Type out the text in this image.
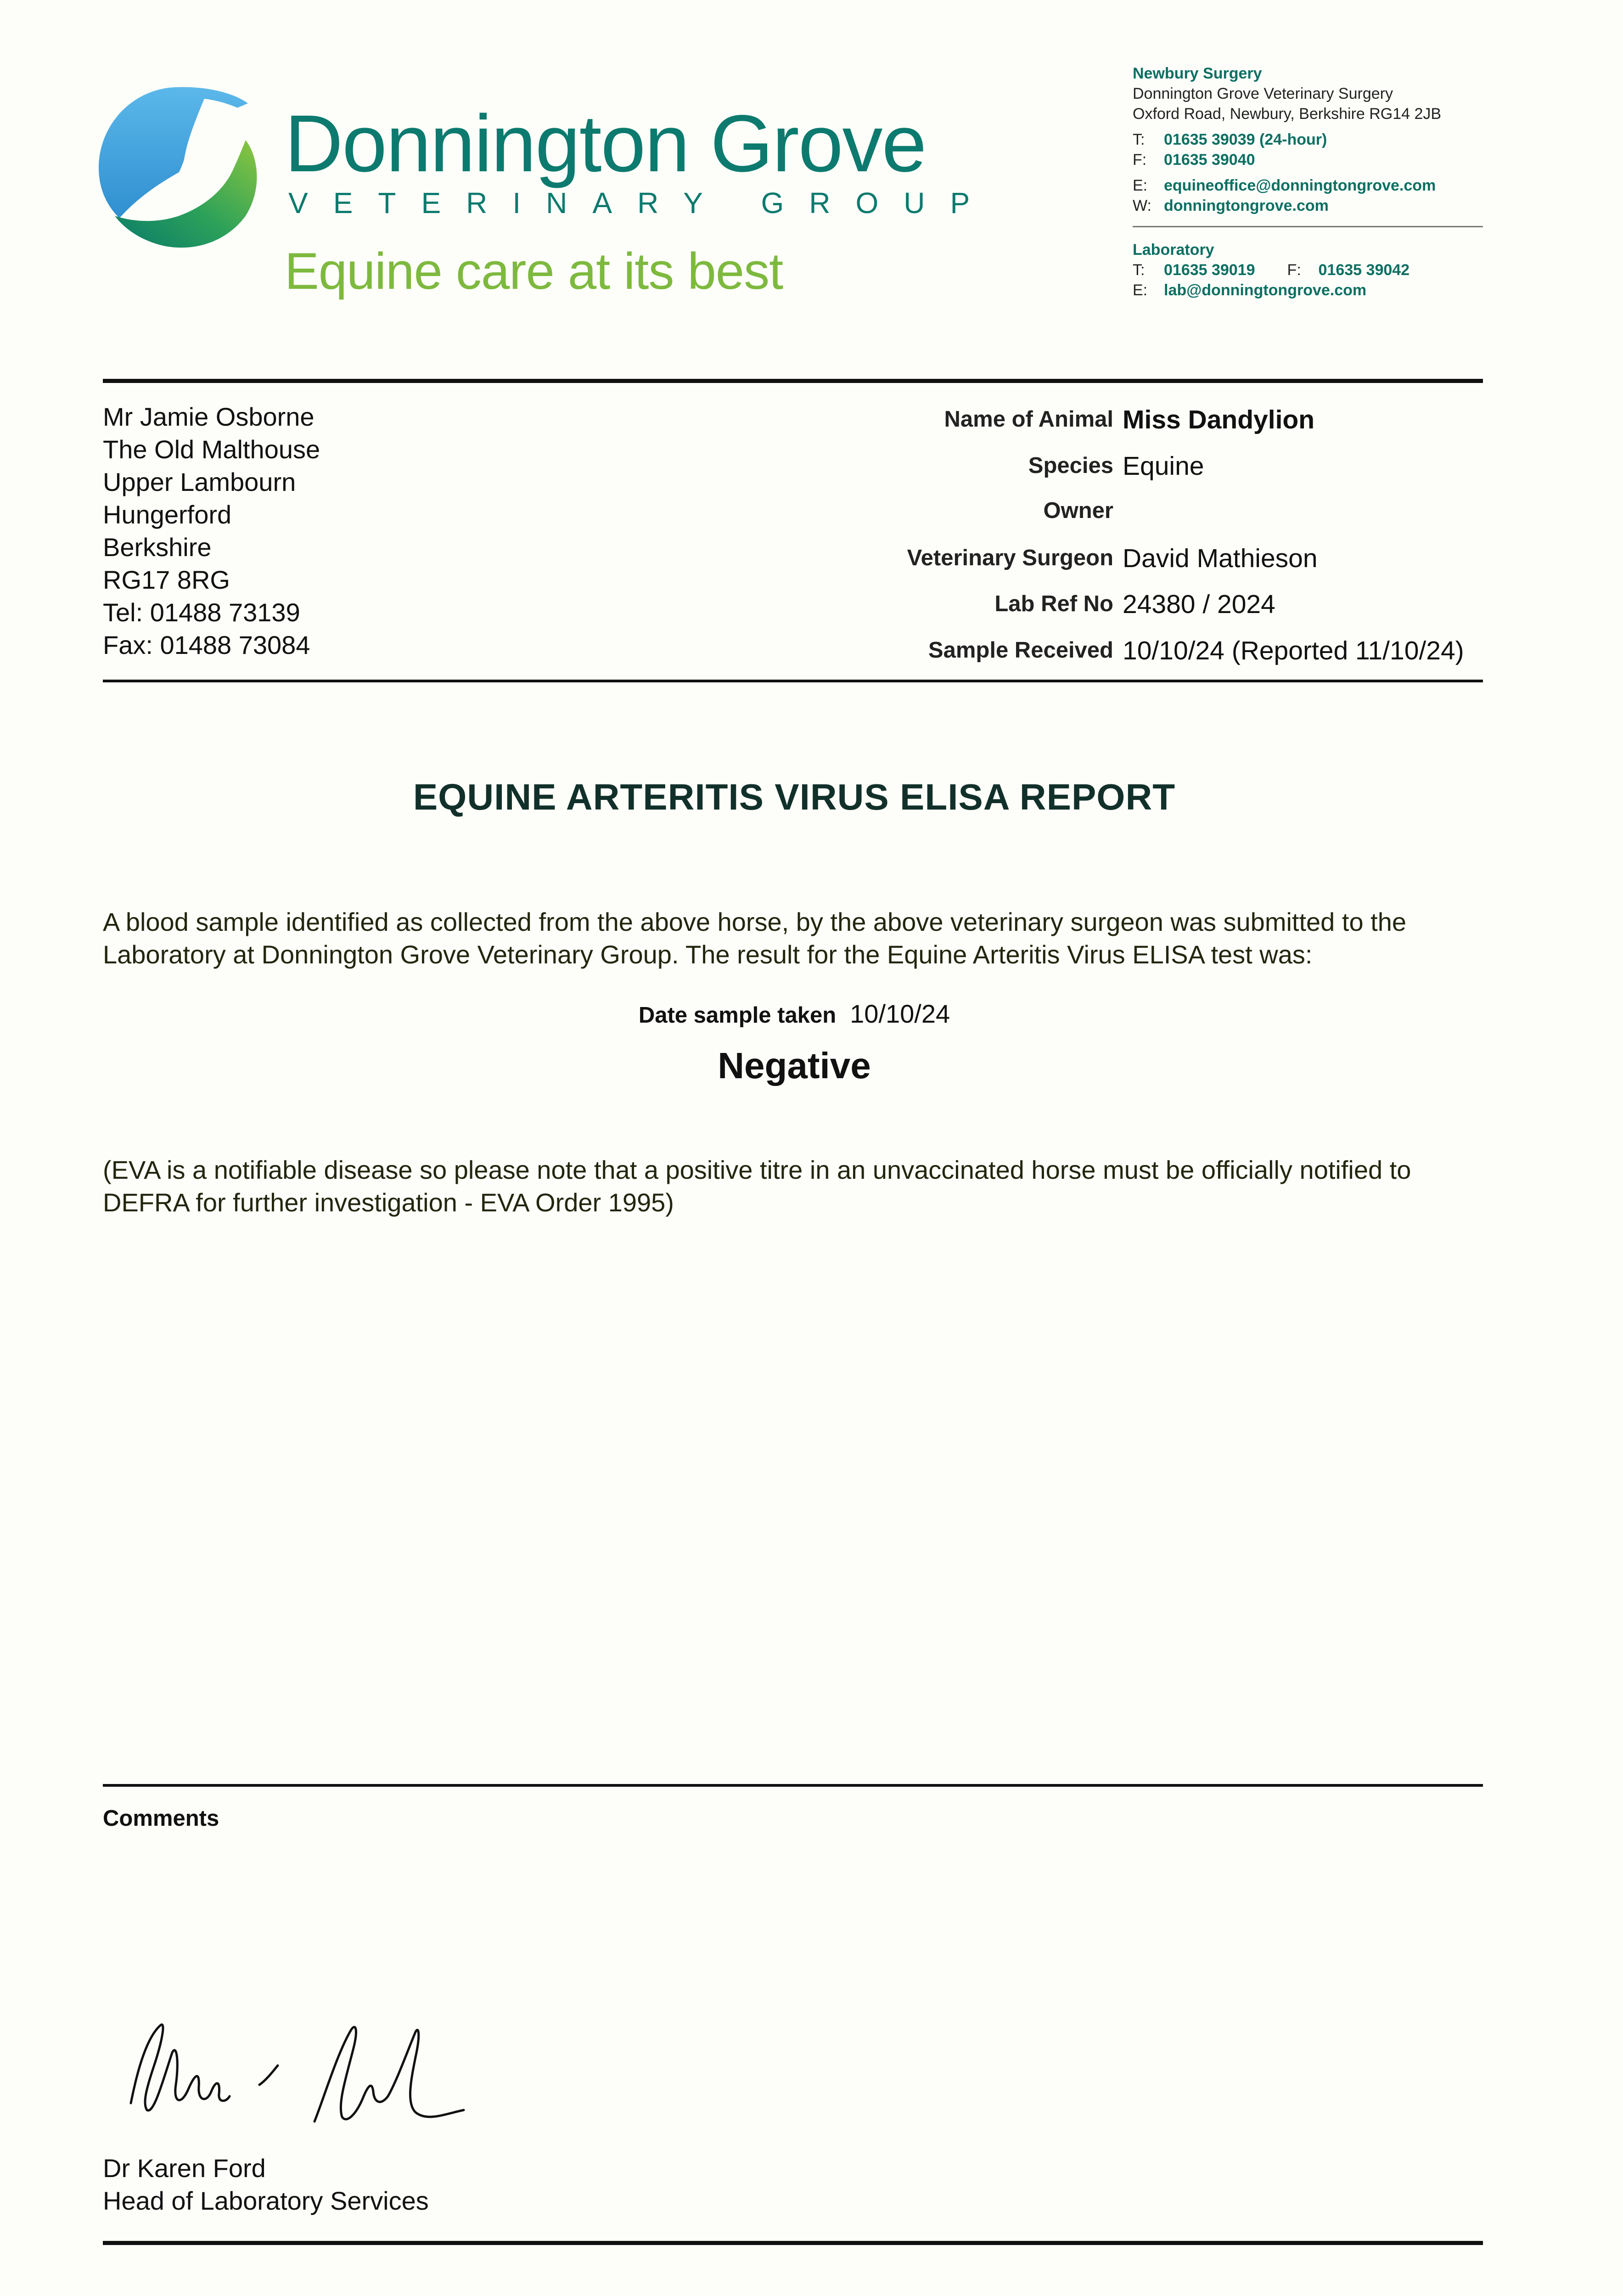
Donnington Grove
VETERINARY GROUP
Equine care at its best
Newbury Surgery
Donnington Grove Veterinary Surgery
Oxford Road, Newbury, Berkshire RG14 2JB
T: 01635 39039 (24-hour)
F: 01635 39040
E: equineoffice@donningtongrove.com
W: donningtongrove.com
Laboratory
T: 01635 39019 F: 01635 39042
E: lab@donningtongrove.com
Mr Jamie Osborne
The Old Malthouse
Upper Lambourn
Hungerford
Berkshire
RG17 8RG
Tel: 01488 73139
Fax: 01488 73084
Name of Animal Miss Dandylion
Species Equine
Owner
Veterinary Surgeon David Mathieson
Lab Ref No 24380 / 2024
Sample Received 10/10/24 (Reported 11/10/24)
EQUINE ARTERITIS VIRUS ELISA REPORT
A blood sample identified as collected from the above horse, by the above veterinary surgeon was submitted to the Laboratory at Donnington Grove Veterinary Group. The result for the Equine Arteritis Virus ELISA test was:
Date sample taken 10/10/24
Negative
(EVA is a notifiable disease so please note that a positive titre in an unvaccinated horse must be officially notified to DEFRA for further investigation - EVA Order 1995)
Comments
Dr Karen Ford
Head of Laboratory Services
